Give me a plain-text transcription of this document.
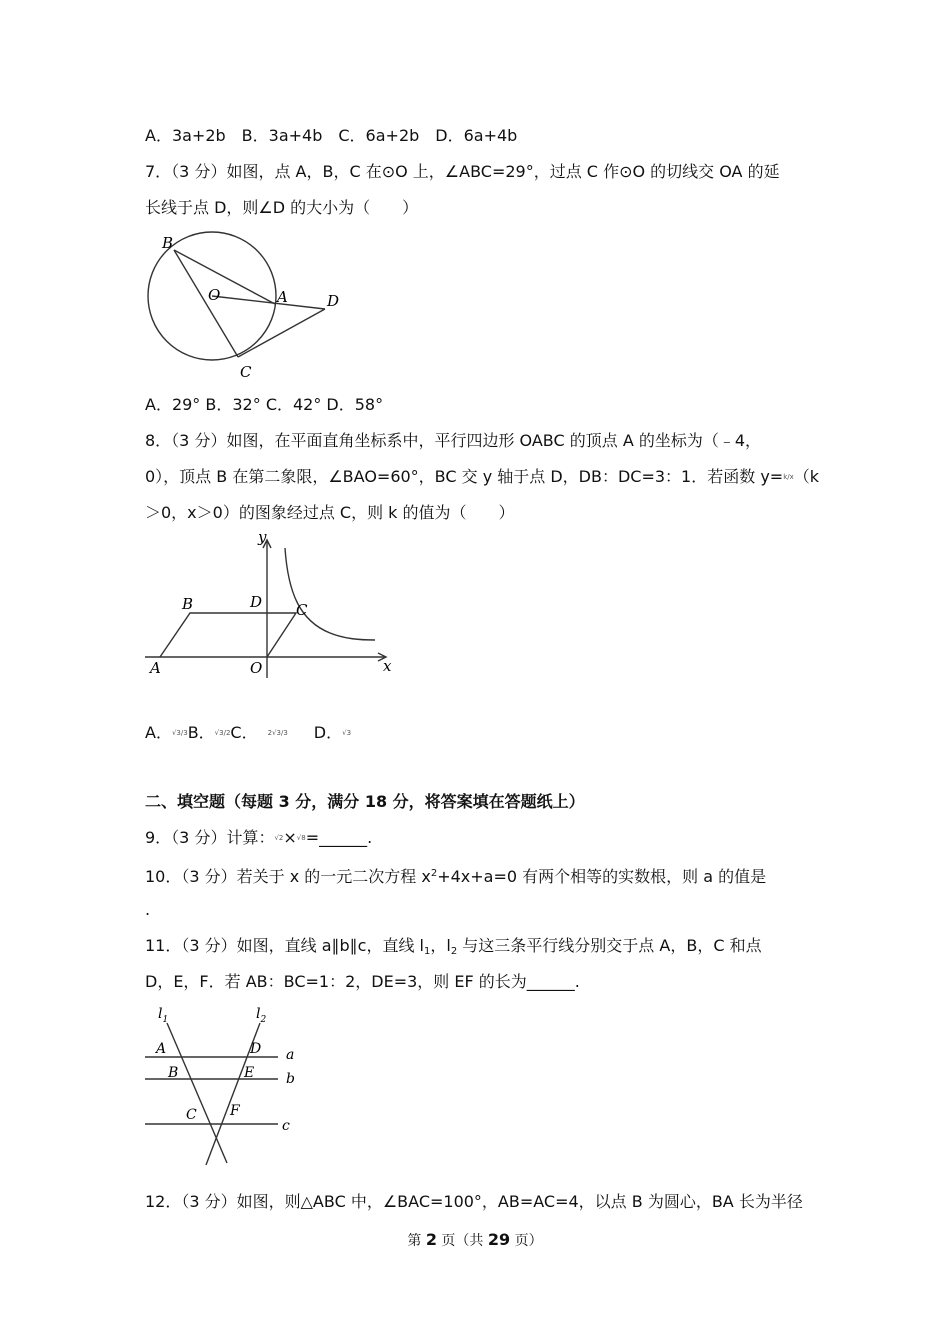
A．3a+2b　B．3a+4b　C．6a+2b　D．6a+4b
7．（3 分）如图，点 A，B，C 在⊙O 上，∠ABC=29°，过点 C 作⊙O 的切线交 OA 的延
长线于点 D，则∠D 的大小为（　　）
B
O	A	D
C
A．29° B．32° C．42° D．58°
8．（3 分）如图，在平面直角坐标系中，平行四边形 OABC 的顶点 A 的坐标为（﹣4，
0），顶点 B 在第二象限，∠BAO=60°，BC 交 y 轴于点 D，DB：DC=3：1．若函数 y=k/x（k
＞0，x＞0）的图象经过点 C，则 k 的值为（　　）
y
x
B	D C
A	O
A．√3/3B．√3/2C． 2√3/3 D．√3
二、填空题（每题 3 分，满分 18 分，将答案填在答题纸上）
9．（3 分）计算：√2×√8=______.
10．（3 分）若关于 x 的一元二次方程 $x^2+4x+a=0$ 有两个相等的实数根，则 a 的值是
.
11．（3 分）如图，直线 a∥b∥c，直线 $l_1$，$l_2$ 与这三条平行线分别交于点 A，B，C 和点
D，E，F．若 AB：BC=1：2，DE=3，则 EF 的长为______.
$l_1$	$l_2$
A	D a
B	E b
C F
c
12．（3 分）如图，则△ABC 中，∠BAC=100°，AB=AC=4，以点 B 为圆心，BA 长为半径
第 2 页（共 29 页）
